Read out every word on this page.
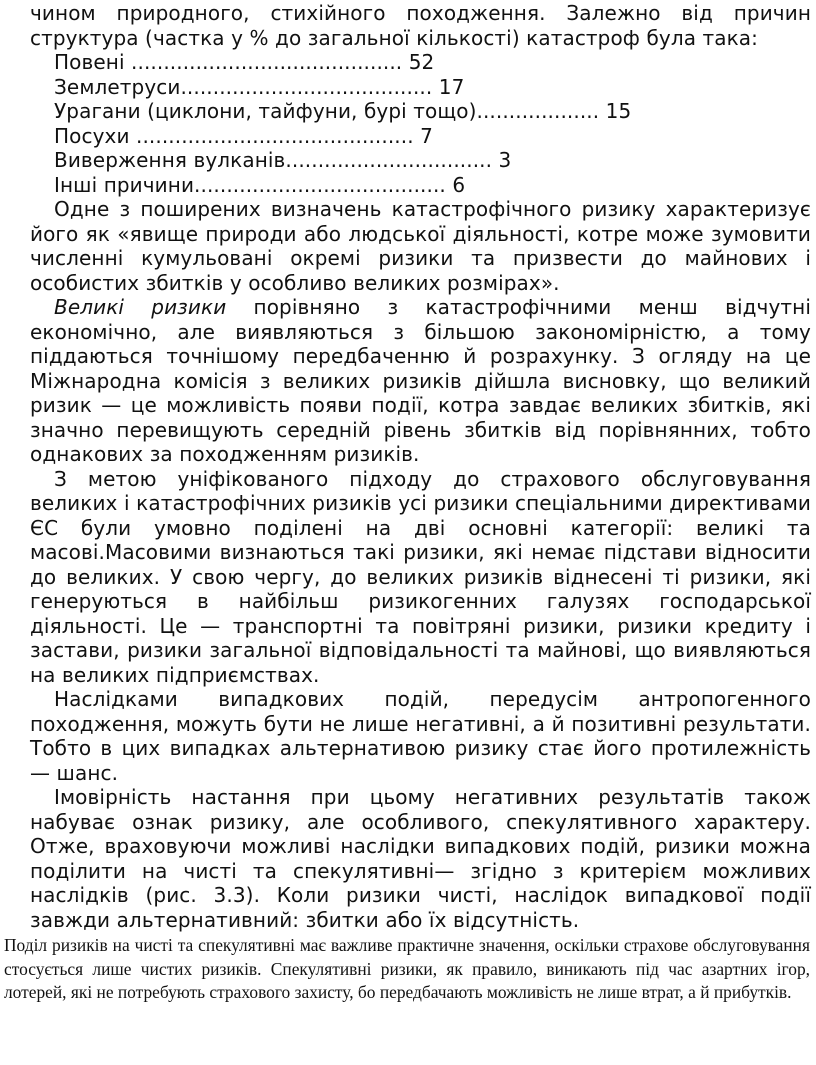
чином природного, стихійного походження. Залежно від причин структура (частка у % до загальної кількості) катастроф була така:

Повені .......................................... 52
Землетруси....................................... 17
Урагани (циклони, тайфуни, бурі тощо)................... 15
Посухи ........................................... 7
Виверження вулканів................................ 3
Інші причини....................................... 6

Одне з поширених визначень катастрофічного ризику характеризує його як «явище природи або людської діяльності, котре може зумовити численні кумульовані окремі ризики та призвести до майнових і особистих збитків у особливо великих розмірах».

Великі ризики порівняно з катастрофічними менш відчутні економічно, але виявляються з більшою закономірністю, а тому піддаються точнішому передбаченню й розрахунку. З огляду на це Міжнародна комісія з великих ризиків дійшла висновку, що великий ризик — це можливість появи події, котра завдає великих збитків, які значно перевищують середній рівень збитків від порівнянних, тобто однакових за походженням ризиків.

З метою уніфікованого підходу до страхового обслуговування великих і катастрофічних ризиків усі ризики спеціальними директивами ЄС були умовно поділені на дві основні категорії: великі та масові.Масовими визнаються такі ризики, які немає підстави відносити до великих. У свою чергу, до великих ризиків віднесені ті ризики, які генеруються в найбільш ризикогенних галузях господарської діяльності. Це — транспортні та повітряні ризики, ризики кредиту і застави, ризики загальної відповідальності та майнові, що виявляються на великих підприємствах.

Наслідками випадкових подій, передусім антропогенного походження, можуть бути не лише негативні, а й позитивні результати. Тобто в цих випадках альтернативою ризику стає його протилежність — шанс.

Імовірність настання при цьому негативних результатів також набуває ознак ризику, але особливого, спекулятивного характеру. Отже, враховуючи можливі наслідки випадкових подій, ризики можна поділити на чисті та спекулятивні— згідно з критерієм можливих наслідків (рис. 3.3). Коли ризики чисті, наслідок випадкової події завжди альтернативний: збитки або їх відсутність.

Поділ ризиків на чисті та спекулятивні має важливе практичне значення, оскільки страхове обслуговування стосується лише чистих ризиків. Спекулятивні ризики, як правило, виникають під час азартних ігор, лотерей, які не потребують страхового захисту, бо передбачають можливість не лише втрат, а й прибутків.
